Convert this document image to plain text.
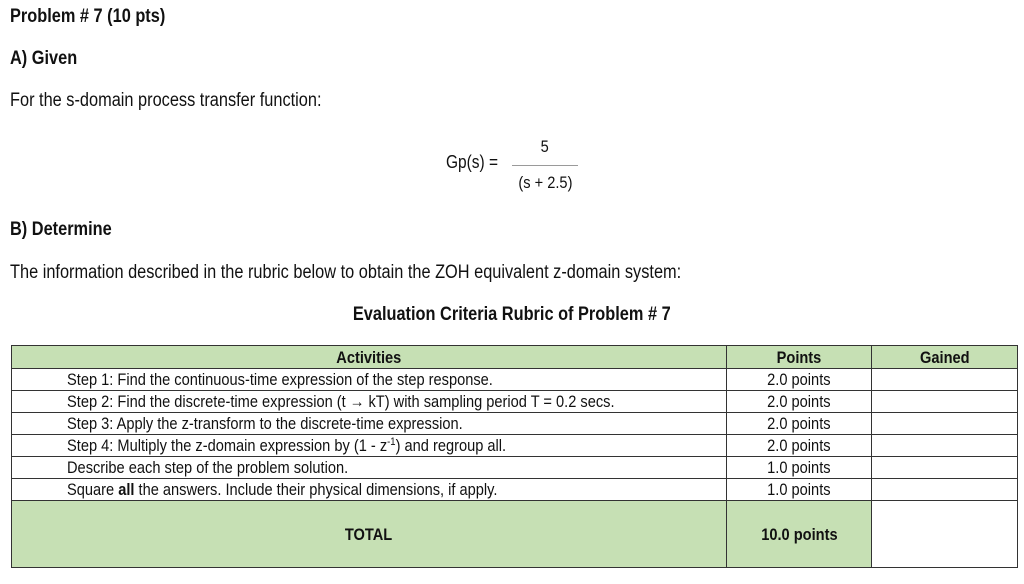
Problem # 7 (10 pts)
A) Given
For the s-domain process transfer function:
Gp(s) =
5
(s + 2.5)
B) Determine
The information described in the rubric below to obtain the ZOH equivalent z-domain system:
Evaluation Criteria Rubric of Problem # 7
Activities	Points	Gained
Step 1: Find the continuous-time expression of the step response.	2.0 points	
Step 2: Find the discrete-time expression (t → kT) with sampling period T = 0.2 secs.	2.0 points	
Step 3: Apply the z-transform to the discrete-time expression.	2.0 points	
Step 4: Multiply the z-domain expression by $(1 - z^{-1})$ and regroup all.	2.0 points	
Describe each step of the problem solution.	1.0 points	
Square all the answers. Include their physical dimensions, if apply.	1.0 points	
TOTAL	10.0 points	
